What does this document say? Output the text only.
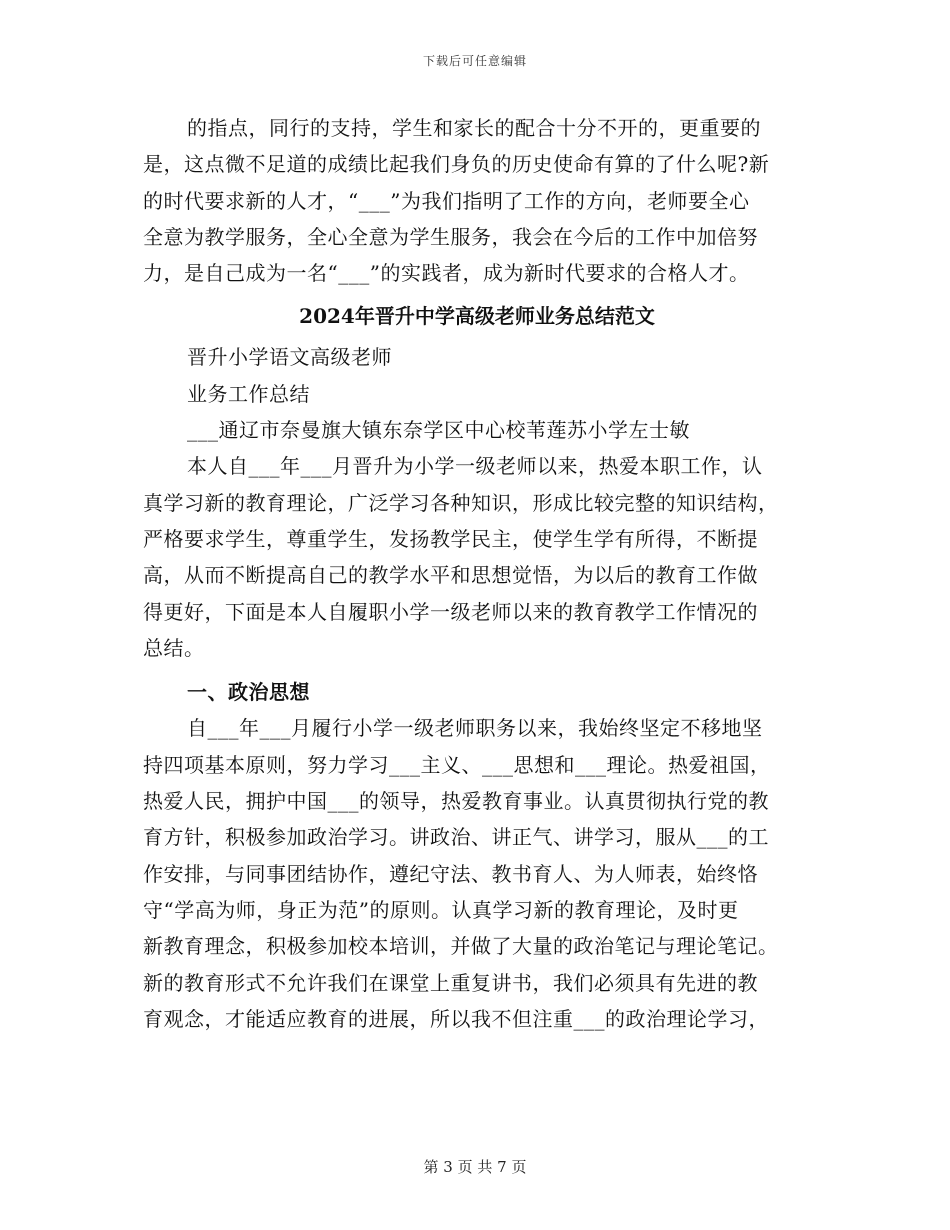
下载后可任意编辑
的指点，同行的支持，学生和家长的配合十分不开的，更重要的
是，这点微不足道的成绩比起我们身负的历史使命有算的了什么呢?新
的时代要求新的人才，“___”为我们指明了工作的方向，老师要全心
全意为教学服务，全心全意为学生服务，我会在今后的工作中加倍努
力，是自己成为一名“___”的实践者，成为新时代要求的合格人才。
2024年晋升中学高级老师业务总结范文
晋升小学语文高级老师
业务工作总结
___通辽市奈曼旗大镇东奈学区中心校苇莲苏小学左士敏
本人自___年___月晋升为小学一级老师以来，热爱本职工作，认
真学习新的教育理论，广泛学习各种知识，形成比较完整的知识结构，
严格要求学生，尊重学生，发扬教学民主，使学生学有所得，不断提
高，从而不断提高自己的教学水平和思想觉悟，为以后的教育工作做
得更好，下面是本人自履职小学一级老师以来的教育教学工作情况的
总结。
一、政治思想
自___年___月履行小学一级老师职务以来，我始终坚定不移地坚
持四项基本原则，努力学习___主义、___思想和___理论。热爱祖国，
热爱人民，拥护中国___的领导，热爱教育事业。认真贯彻执行党的教
育方针，积极参加政治学习。讲政治、讲正气、讲学习，服从___的工
作安排，与同事团结协作，遵纪守法、教书育人、为人师表，始终恪
守“学高为师，身正为范”的原则。认真学习新的教育理论，及时更
新教育理念，积极参加校本培训，并做了大量的政治笔记与理论笔记。
新的教育形式不允许我们在课堂上重复讲书，我们必须具有先进的教
育观念，才能适应教育的进展，所以我不但注重___的政治理论学习，
第 3 页 共 7 页
